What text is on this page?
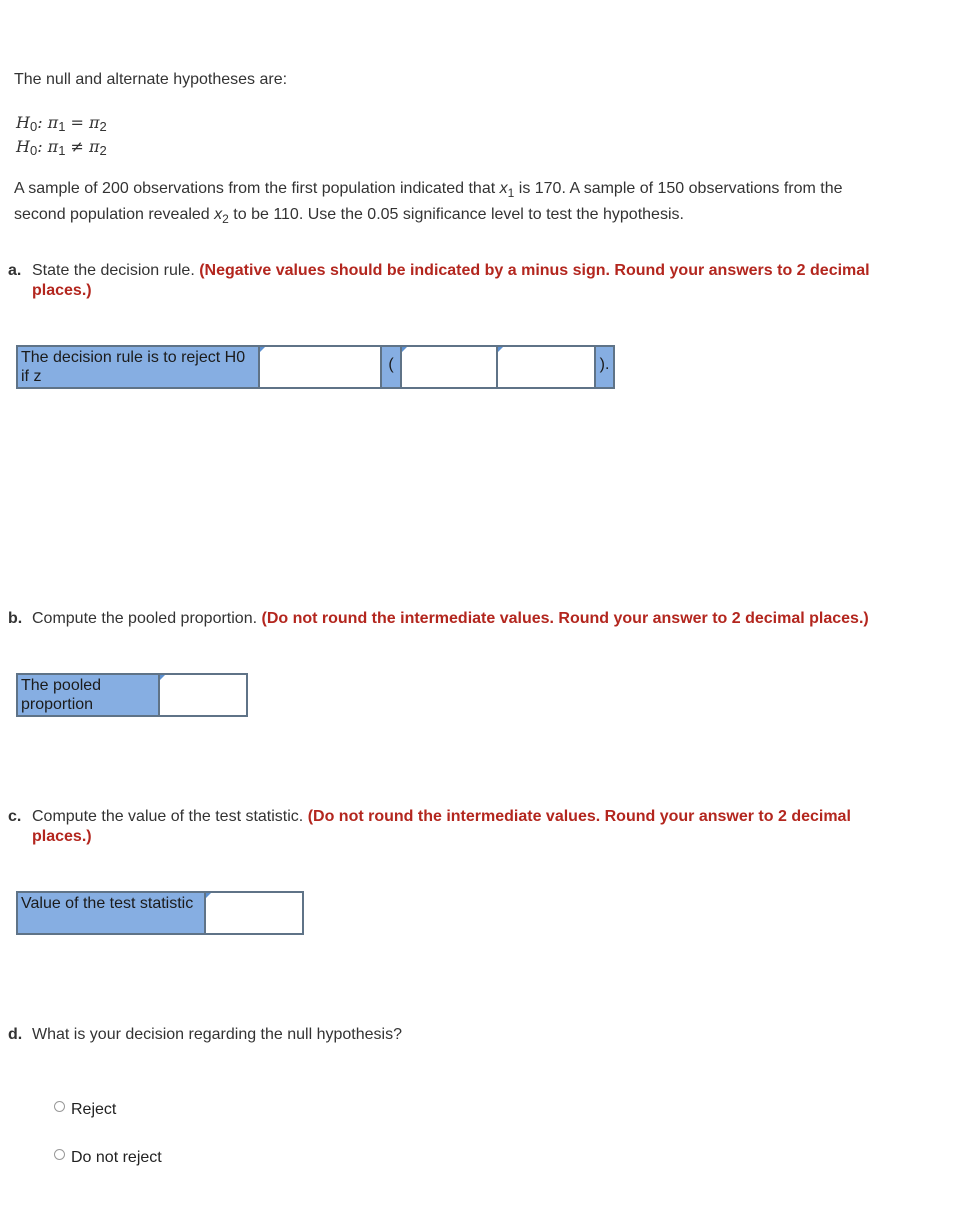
The null and alternate hypotheses are:
$H_0$: $\pi_1 = \pi_2$
$H_0$: $\pi_1 \ne \pi_2$
A sample of 200 observations from the first population indicated that $x_1$ is 170. A sample of 150 observations from the
second population revealed $x_2$ to be 110. Use the 0.05 significance level to test the hypothesis.
a. State the decision rule. (Negative values should be indicated by a minus sign. Round your answers to 2 decimal
places.)
The decision rule is to reject H0 if z
(	).
b. Compute the pooled proportion. (Do not round the intermediate values. Round your answer to 2 decimal places.)
The pooled proportion
c. Compute the value of the test statistic. (Do not round the intermediate values. Round your answer to 2 decimal
places.)
Value of the test statistic
d. What is your decision regarding the null hypothesis?
Reject
Do not reject
